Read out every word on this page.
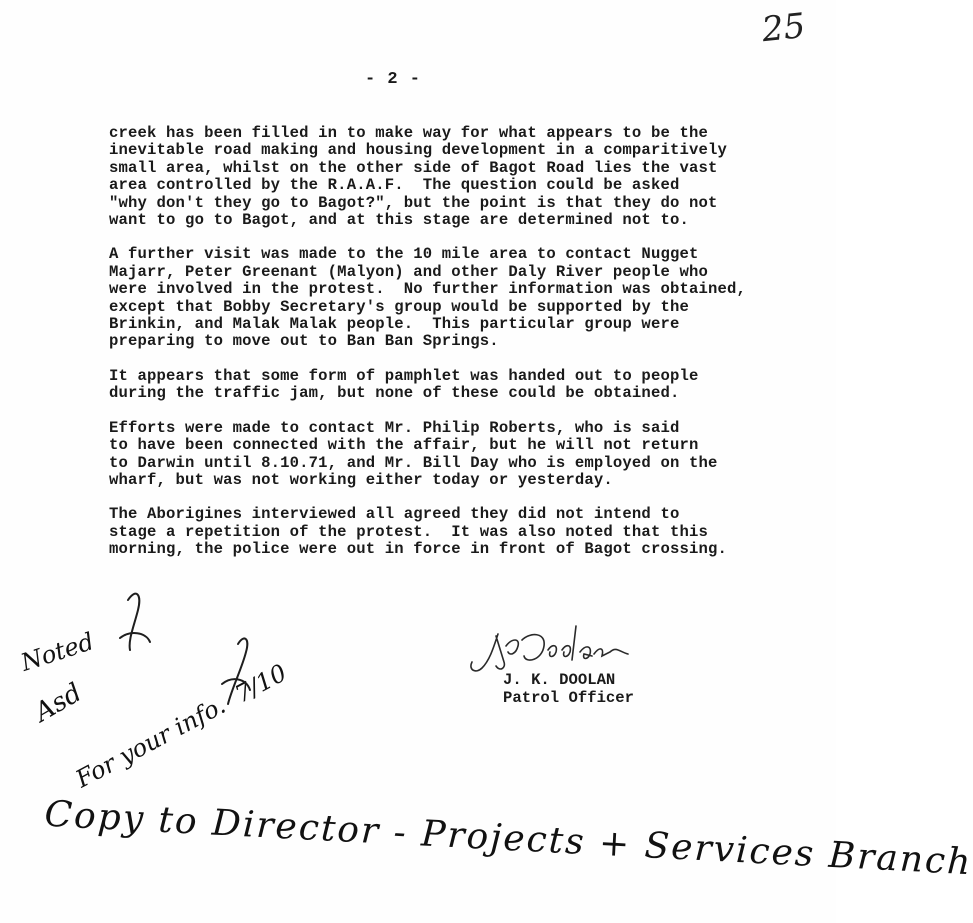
25
- 2 -

creek has been filled in to make way for what appears to be the
inevitable road making and housing development in a comparitively
small area, whilst on the other side of Bagot Road lies the vast
area controlled by the R.A.A.F.  The question could be asked
"why don't they go to Bagot?", but the point is that they do not
want to go to Bagot, and at this stage are determined not to.

A further visit was made to the 10 mile area to contact Nugget
Majarr, Peter Greenant (Malyon) and other Daly River people who
were involved in the protest.  No further information was obtained,
except that Bobby Secretary's group would be supported by the
Brinkin, and Malak Malak people.  This particular group were
preparing to move out to Ban Ban Springs.

It appears that some form of pamphlet was handed out to people
during the traffic jam, but none of these could be obtained.

Efforts were made to contact Mr. Philip Roberts, who is said
to have been connected with the affair, but he will not return
to Darwin until 8.10.71, and Mr. Bill Day who is employed on the
wharf, but was not working either today or yesterday.

The Aborigines interviewed all agreed they did not intend to
stage a repetition of the protest.  It was also noted that this
morning, the police were out in force in front of Bagot crossing.

J. K. DOOLAN
Patrol Officer
Noted
Asd
For your info.  7/10
Copy to Director - Projects + Services Branch
